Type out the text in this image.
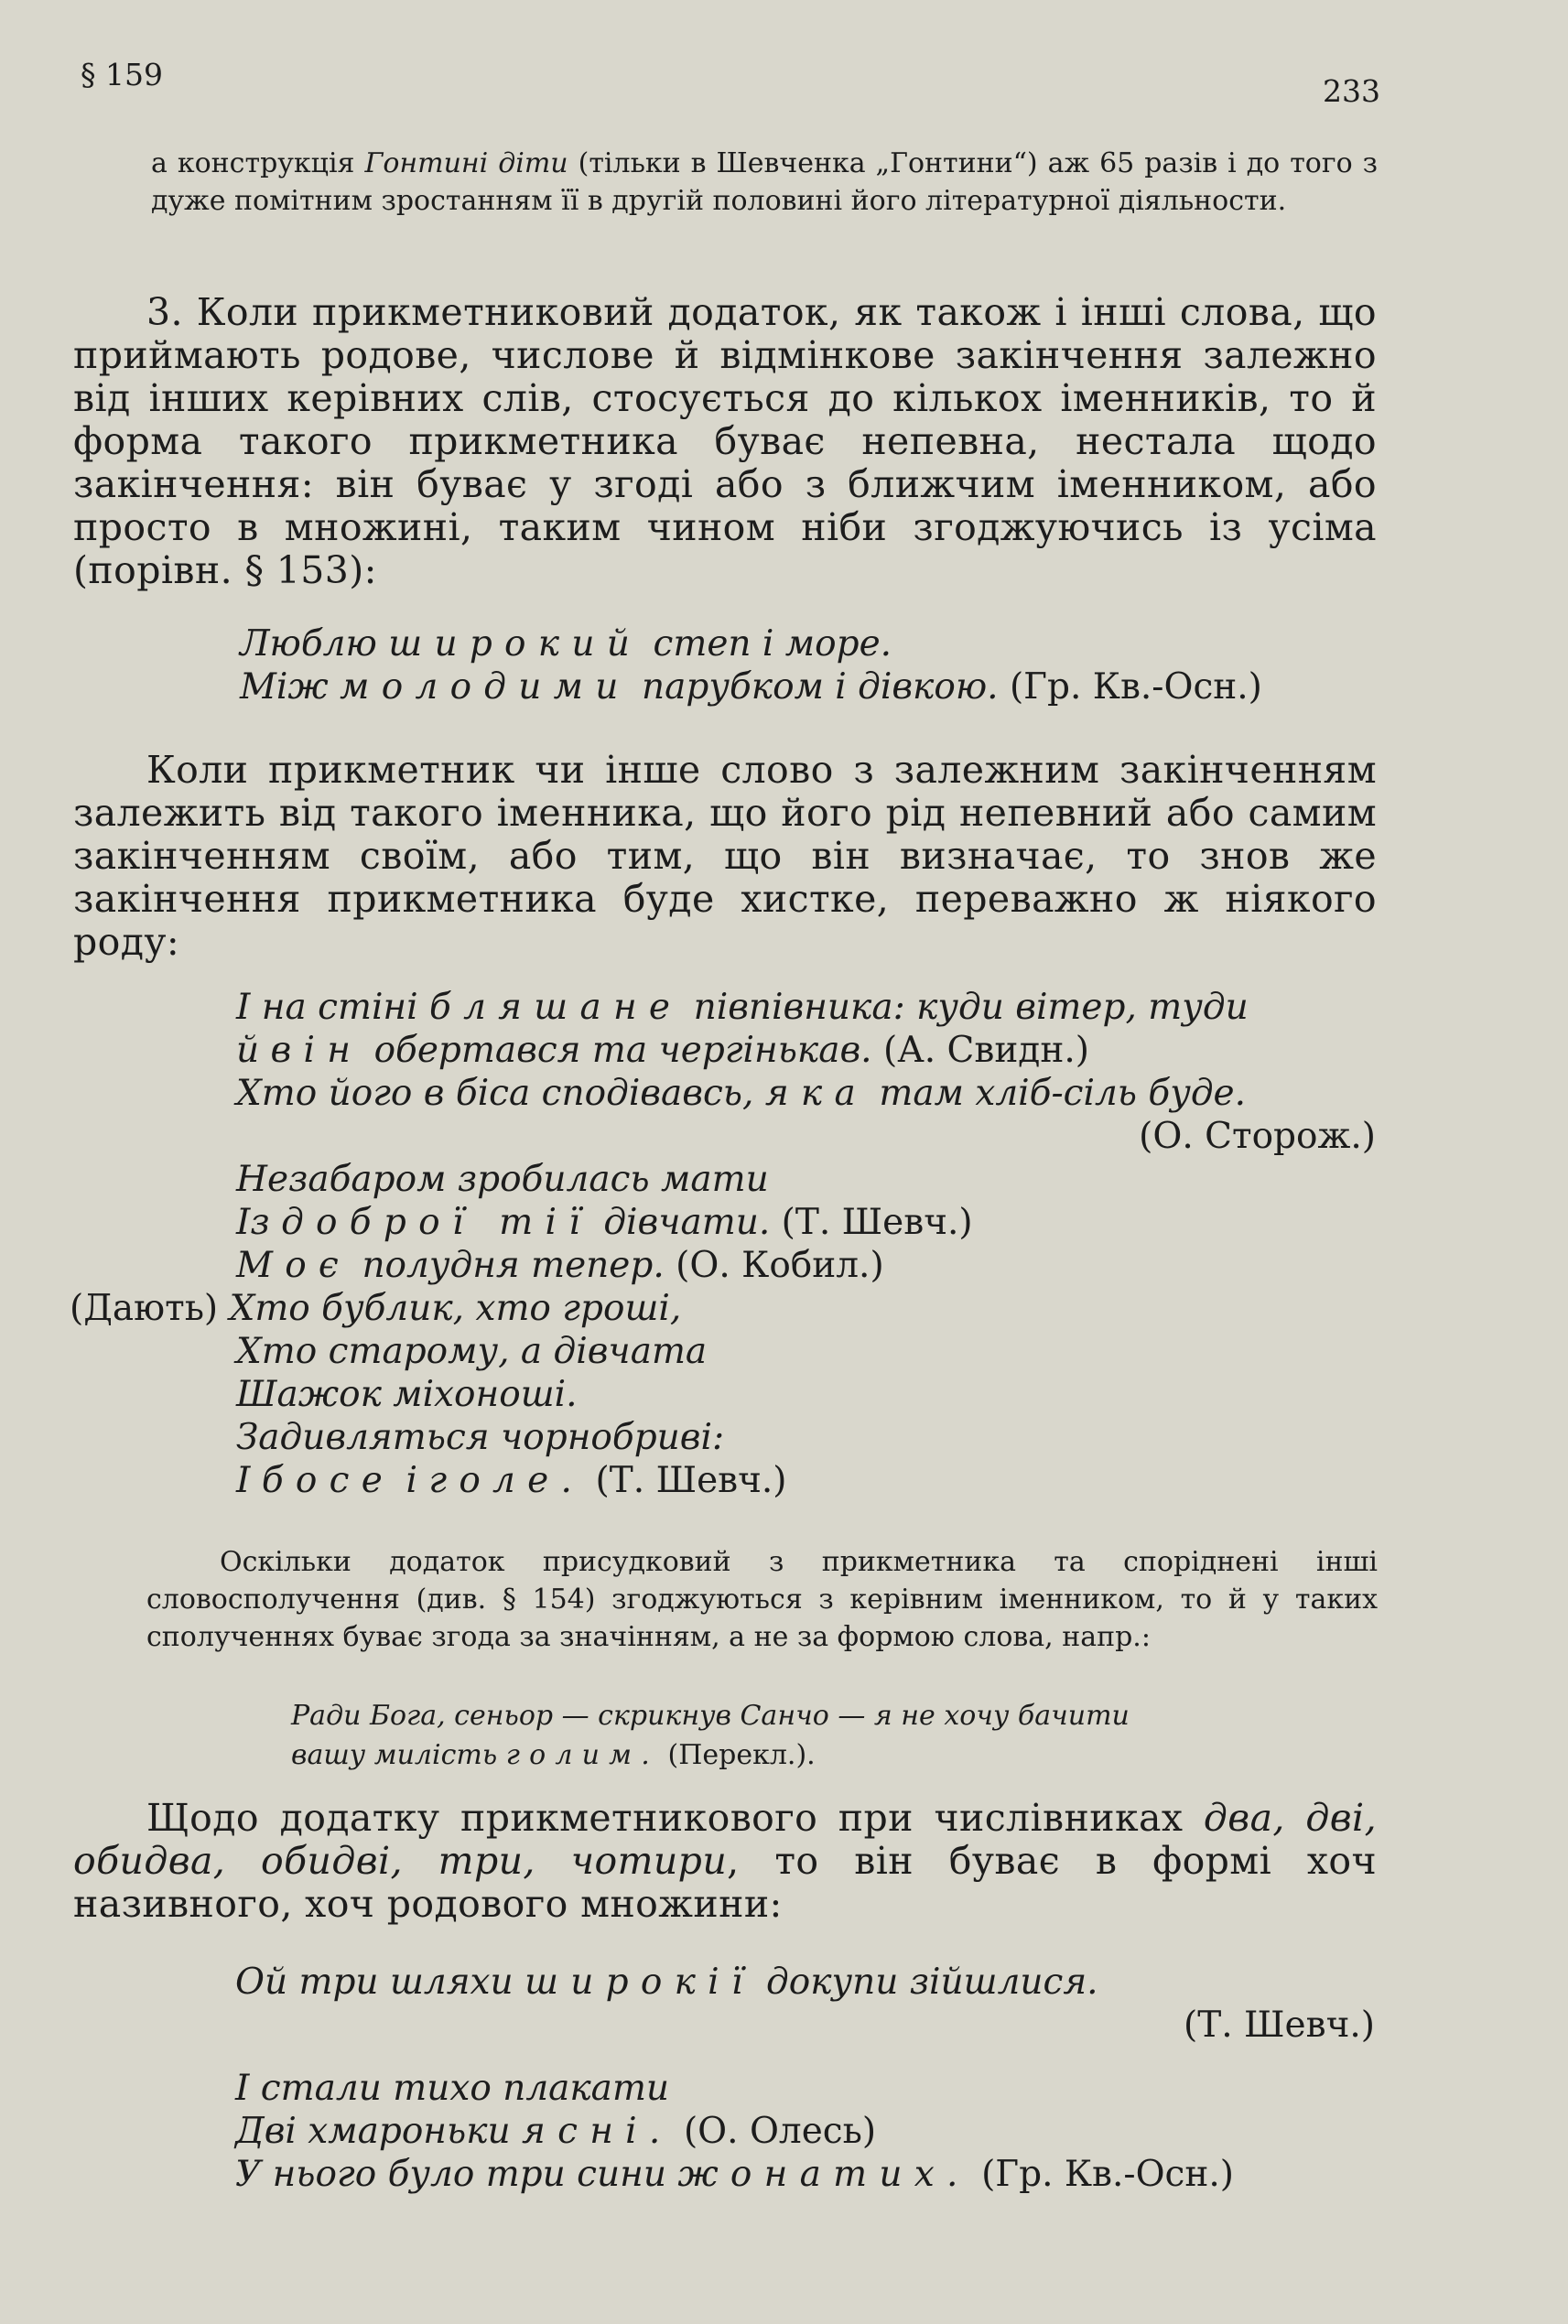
§ 159	233
а конструкція Гонтині діти (тільки в Шевченка „Гонтини“) аж 65 разів і до того з дуже помітним зростанням її в другій половині його літературної діяльности.
3. Коли прикметниковий додаток, як також і інші слова, що приймають родове, числове й відмінкове закінчення залежно від інших керівних слів, стосується до кількох іменників, то й форма такого прикметника буває непевна, нестала щодо закінчення: він буває у згоді або з ближчим іменником, або просто в множині, таким чином ніби згоджуючись із усіма (порівн. § 153):
Люблю широкий степ і море.
Між молодими парубком і дівкою. (Гр. Кв.-Осн.)
Коли прикметник чи інше слово з залежним закінченням залежить від такого іменника, що його рід непевний або самим закінченням своїм, або тим, що він визначає, то знов же закінчення прикметника буде хистке, переважно ж ніякого роду:
І на стіні бляшане півпівника: куди вітер, туди
й він обертався та чергінькав. (А. Свидн.)
Хто його в біса сподівавсь, яка там хліб-сіль буде.
(О. Сторож.)
Незабаром зробилась мати
Із доброї тії дівчати. (Т. Шевч.)
Моє полудня тепер. (О. Кобил.)
(Дають) Хто бублик, хто гроші,
Хто старому, а дівчата
Шажок міхоноші.
Задивляться чорнобриві:
І босе і голе. (Т. Шевч.)
Оскільки додаток присудковий з прикметника та споріднені інші словосполучення (див. § 154) згоджуються з керівним іменником, то й у таких сполученнях буває згода за значінням, а не за формою слова, напр.:
Ради Бога, сеньор — скрикнув Санчо — я не хочу бачити
вашу милість голим. (Перекл.).
Щодо додатку прикметникового при числівниках два, дві, обидва, обидві, три, чотири, то він буває в формі хоч називного, хоч родового множини:
Ой три шляхи широкії докупи зійшлися.
(Т. Шевч.)
І стали тихо плакати
Дві хмароньки ясні. (О. Олесь)
У нього було три сини жонатих. (Гр. Кв.-Осн.)
